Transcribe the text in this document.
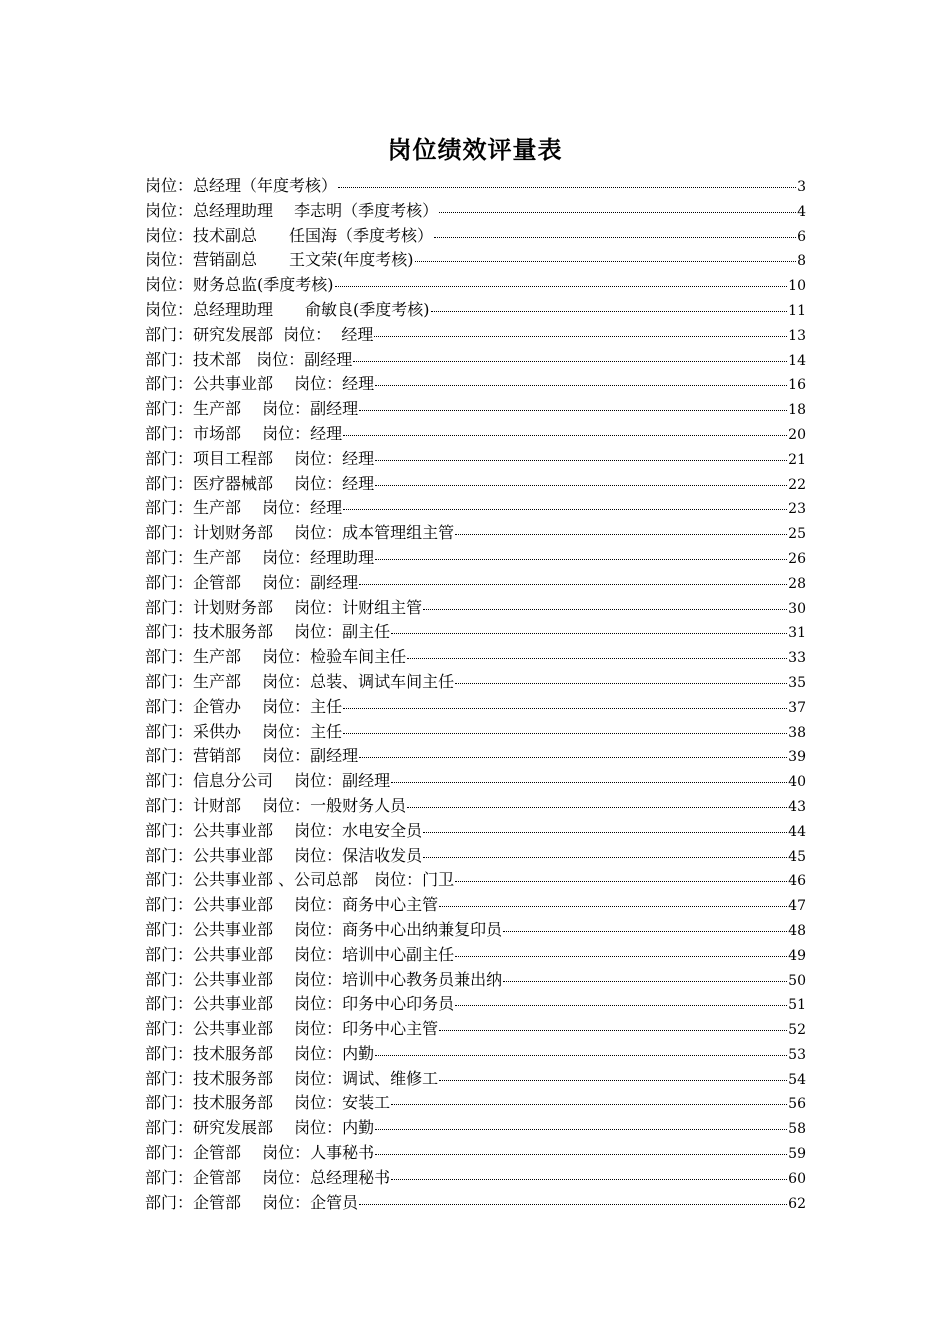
岗位绩效评量表
岗位：总经理（年度考核）	3
岗位：总经理助理　 李志明（季度考核）	4
岗位：技术副总　　任国海（季度考核）	6
岗位：营销副总　　王文荣(年度考核)	8
岗位：财务总监(季度考核)	10
岗位：总经理助理　　俞敏良(季度考核)	11
部门：研究发展部  岗位：  经理	13
部门：技术部   岗位：副经理	14
部门：公共事业部　 岗位：经理	16
部门：生产部　 岗位：副经理	18
部门：市场部　 岗位：经理	20
部门：项目工程部　 岗位：经理	21
部门：医疗器械部　 岗位：经理	22
部门：生产部　 岗位：经理	23
部门：计划财务部　 岗位：成本管理组主管	25
部门：生产部　 岗位：经理助理	26
部门：企管部　 岗位：副经理	28
部门：计划财务部　 岗位：计财组主管	30
部门：技术服务部　 岗位：副主任	31
部门：生产部　 岗位：检验车间主任	33
部门：生产部　 岗位：总装、调试车间主任	35
部门：企管办　 岗位：主任	37
部门：采供办　 岗位：主任	38
部门：营销部　 岗位：副经理	39
部门：信息分公司　 岗位：副经理	40
部门：计财部　 岗位：一般财务人员	43
部门：公共事业部　 岗位：水电安全员	44
部门：公共事业部　 岗位：保洁收发员	45
部门：公共事业部 、公司总部　岗位：门卫	46
部门：公共事业部　 岗位：商务中心主管	47
部门：公共事业部　 岗位：商务中心出纳兼复印员	48
部门：公共事业部　 岗位：培训中心副主任	49
部门：公共事业部　 岗位：培训中心教务员兼出纳	50
部门：公共事业部　 岗位：印务中心印务员	51
部门：公共事业部　 岗位：印务中心主管	52
部门：技术服务部　 岗位：内勤	53
部门：技术服务部　 岗位：调试、维修工	54
部门：技术服务部　 岗位：安装工	56
部门：研究发展部　 岗位：内勤	58
部门：企管部　 岗位：人事秘书	59
部门：企管部　 岗位：总经理秘书	60
部门：企管部　 岗位：企管员	62
